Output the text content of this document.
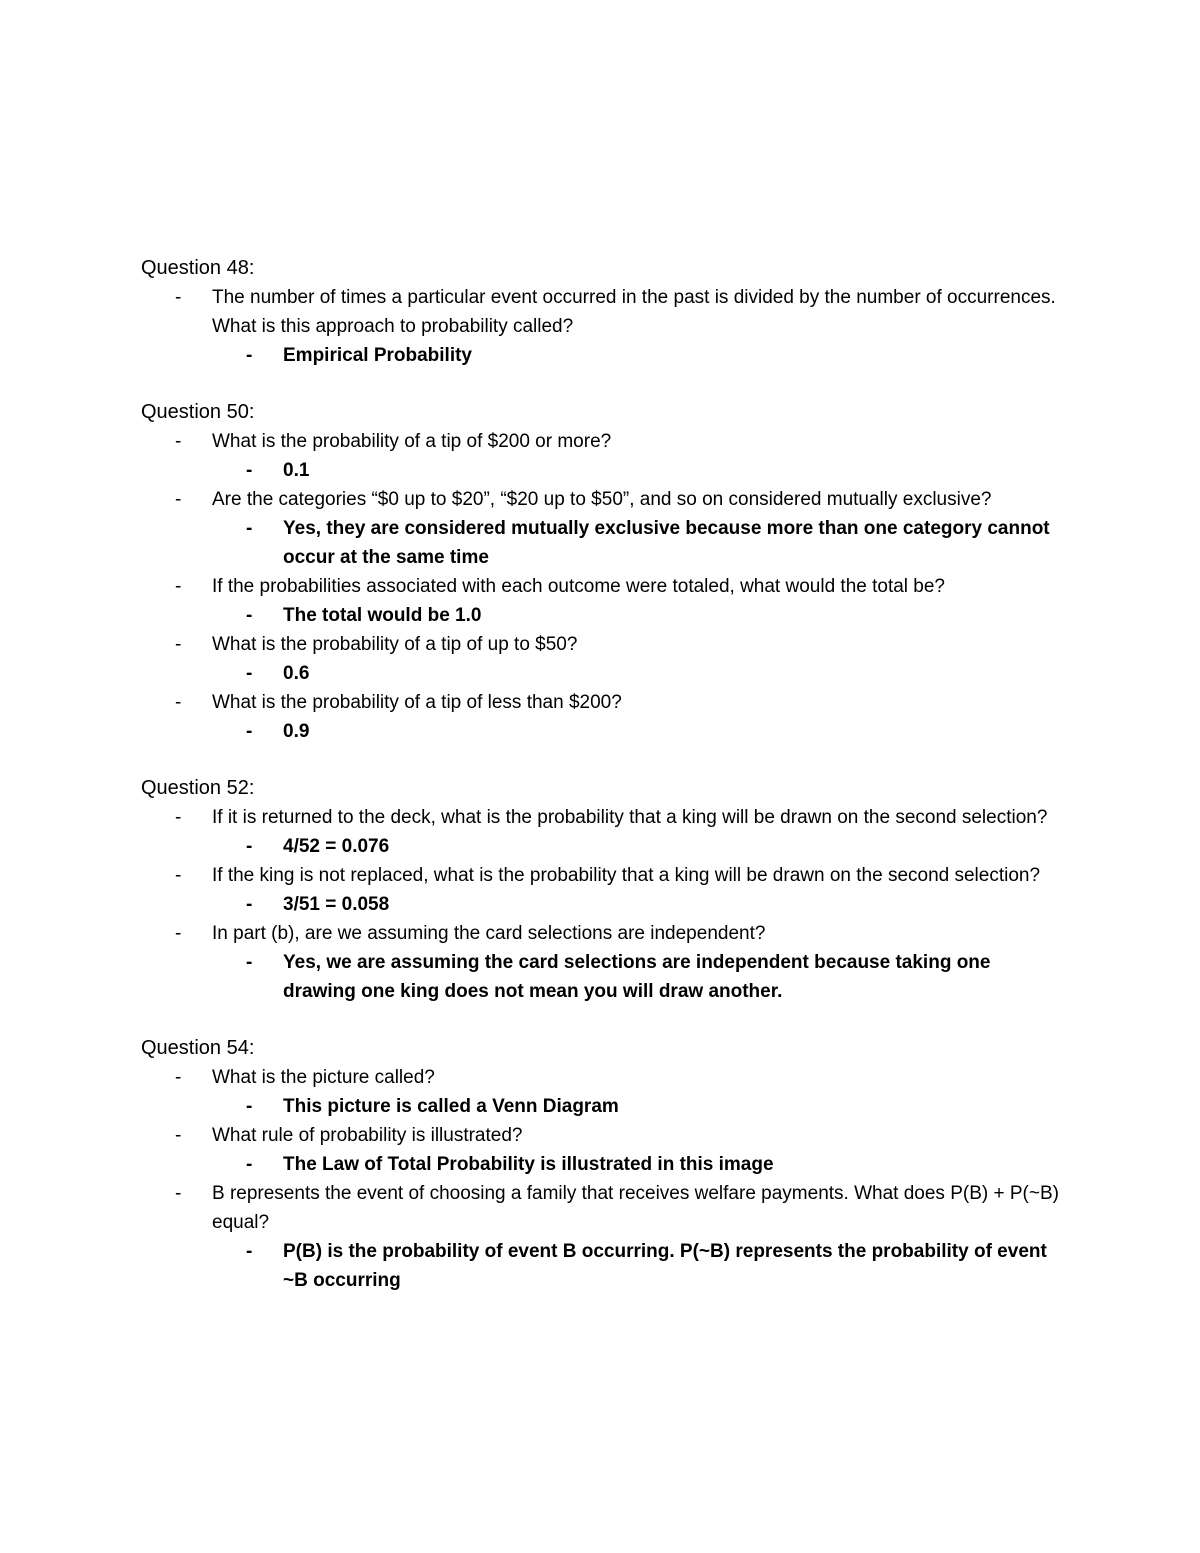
Question 48:
- The number of times a particular event occurred in the past is divided by the number of occurrences. What is this approach to probability called?
- Empirical Probability
Question 50:
- What is the probability of a tip of $200 or more?
- 0.1
- Are the categories “$0 up to $20”, “$20 up to $50”, and so on considered mutually exclusive?
- Yes, they are considered mutually exclusive because more than one category cannot occur at the same time
- If the probabilities associated with each outcome were totaled, what would the total be?
- The total would be 1.0
- What is the probability of a tip of up to $50?
- 0.6
- What is the probability of a tip of less than $200?
- 0.9
Question 52:
- If it is returned to the deck, what is the probability that a king will be drawn on the second selection?
- 4/52 = 0.076
- If the king is not replaced, what is the probability that a king will be drawn on the second selection?
- 3/51 = 0.058
- In part (b), are we assuming the card selections are independent?
- Yes, we are assuming the card selections are independent because taking one drawing one king does not mean you will draw another.
Question 54:
- What is the picture called?
- This picture is called a Venn Diagram
- What rule of probability is illustrated?
- The Law of Total Probability is illustrated in this image
- B represents the event of choosing a family that receives welfare payments. What does P(B) + P(~B) equal?
- P(B) is the probability of event B occurring. P(~B) represents the probability of event ~B occurring
